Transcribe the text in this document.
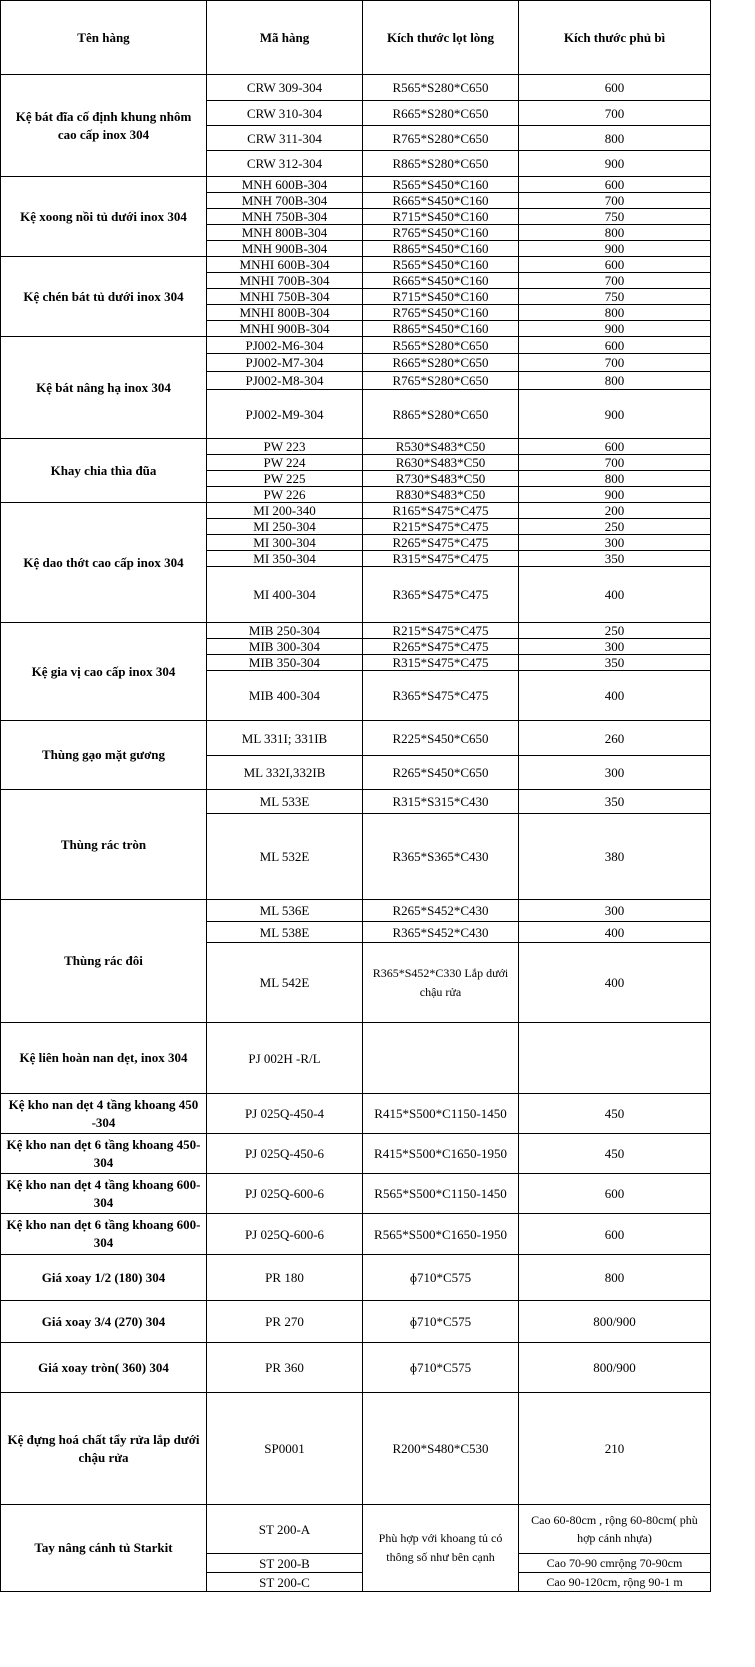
Tên hàng	Mã hàng	Kích thước lọt lòng	Kích thước phủ bì
Kệ bát đĩa cố định khung nhôm cao cấp inox 304	CRW 309-304	R565*S280*C650	600
	CRW 310-304	R665*S280*C650	700
	CRW 311-304	R765*S280*C650	800
	CRW 312-304	R865*S280*C650	900
Kệ xoong nồi tủ dưới inox 304	MNH 600B-304	R565*S450*C160	600
	MNH 700B-304	R665*S450*C160	700
	MNH 750B-304	R715*S450*C160	750
	MNH 800B-304	R765*S450*C160	800
	MNH 900B-304	R865*S450*C160	900
Kệ chén bát tủ dưới inox 304	MNHI 600B-304	R565*S450*C160	600
	MNHI 700B-304	R665*S450*C160	700
	MNHI 750B-304	R715*S450*C160	750
	MNHI 800B-304	R765*S450*C160	800
	MNHI 900B-304	R865*S450*C160	900
Kệ bát nâng hạ inox 304	PJ002-M6-304	R565*S280*C650	600
	PJ002-M7-304	R665*S280*C650	700
	PJ002-M8-304	R765*S280*C650	800
	PJ002-M9-304	R865*S280*C650	900
Khay chia thìa đũa	PW 223	R530*S483*C50	600
	PW 224	R630*S483*C50	700
	PW 225	R730*S483*C50	800
	PW 226	R830*S483*C50	900
Kệ dao thớt cao cấp inox 304	MI 200-340	R165*S475*C475	200
	MI 250-304	R215*S475*C475	250
	MI 300-304	R265*S475*C475	300
	MI 350-304	R315*S475*C475	350
	MI 400-304	R365*S475*C475	400
Kệ gia vị cao cấp inox 304	MIB 250-304	R215*S475*C475	250
	MIB 300-304	R265*S475*C475	300
	MIB 350-304	R315*S475*C475	350
	MIB 400-304	R365*S475*C475	400
Thùng gạo mặt gương	ML 331I; 331IB	R225*S450*C650	260
	ML 332I,332IB	R265*S450*C650	300
Thùng rác tròn	ML 533E	R315*S315*C430	350
	ML 532E	R365*S365*C430	380
Thùng rác đôi	ML 536E	R265*S452*C430	300
	ML 538E	R365*S452*C430	400
	ML 542E	R365*S452*C330 Lắp dưới chậu rửa	400
Kệ liên hoàn nan dẹt, inox 304	PJ 002H -R/L		
Kệ kho nan dẹt 4 tầng khoang 450 -304	PJ 025Q-450-4	R415*S500*C1150-1450	450
Kệ kho nan dẹt 6 tầng khoang 450-304	PJ 025Q-450-6	R415*S500*C1650-1950	450
Kệ kho nan dẹt 4 tầng khoang 600-304	PJ 025Q-600-6	R565*S500*C1150-1450	600
Kệ kho nan dẹt 6 tầng khoang 600-304	PJ 025Q-600-6	R565*S500*C1650-1950	600
Giá xoay 1/2 (180) 304	PR 180	ɸ710*C575	800
Giá xoay 3/4 (270) 304	PR 270	ɸ710*C575	800/900
Giá xoay tròn( 360) 304	PR 360	ɸ710*C575	800/900
Kệ đựng hoá chất tẩy rửa lắp dưới chậu rửa	SP0001	R200*S480*C530	210
Tay nâng cánh tủ Starkit	ST 200-A	Phù hợp với khoang tủ có thông số như bên cạnh	Cao 60-80cm , rộng 60-80cm( phù hợp cánh nhựa)
	ST 200-B		Cao 70-90 cmrộng 70-90cm
	ST 200-C		Cao 90-120cm, rộng 90-1 m
